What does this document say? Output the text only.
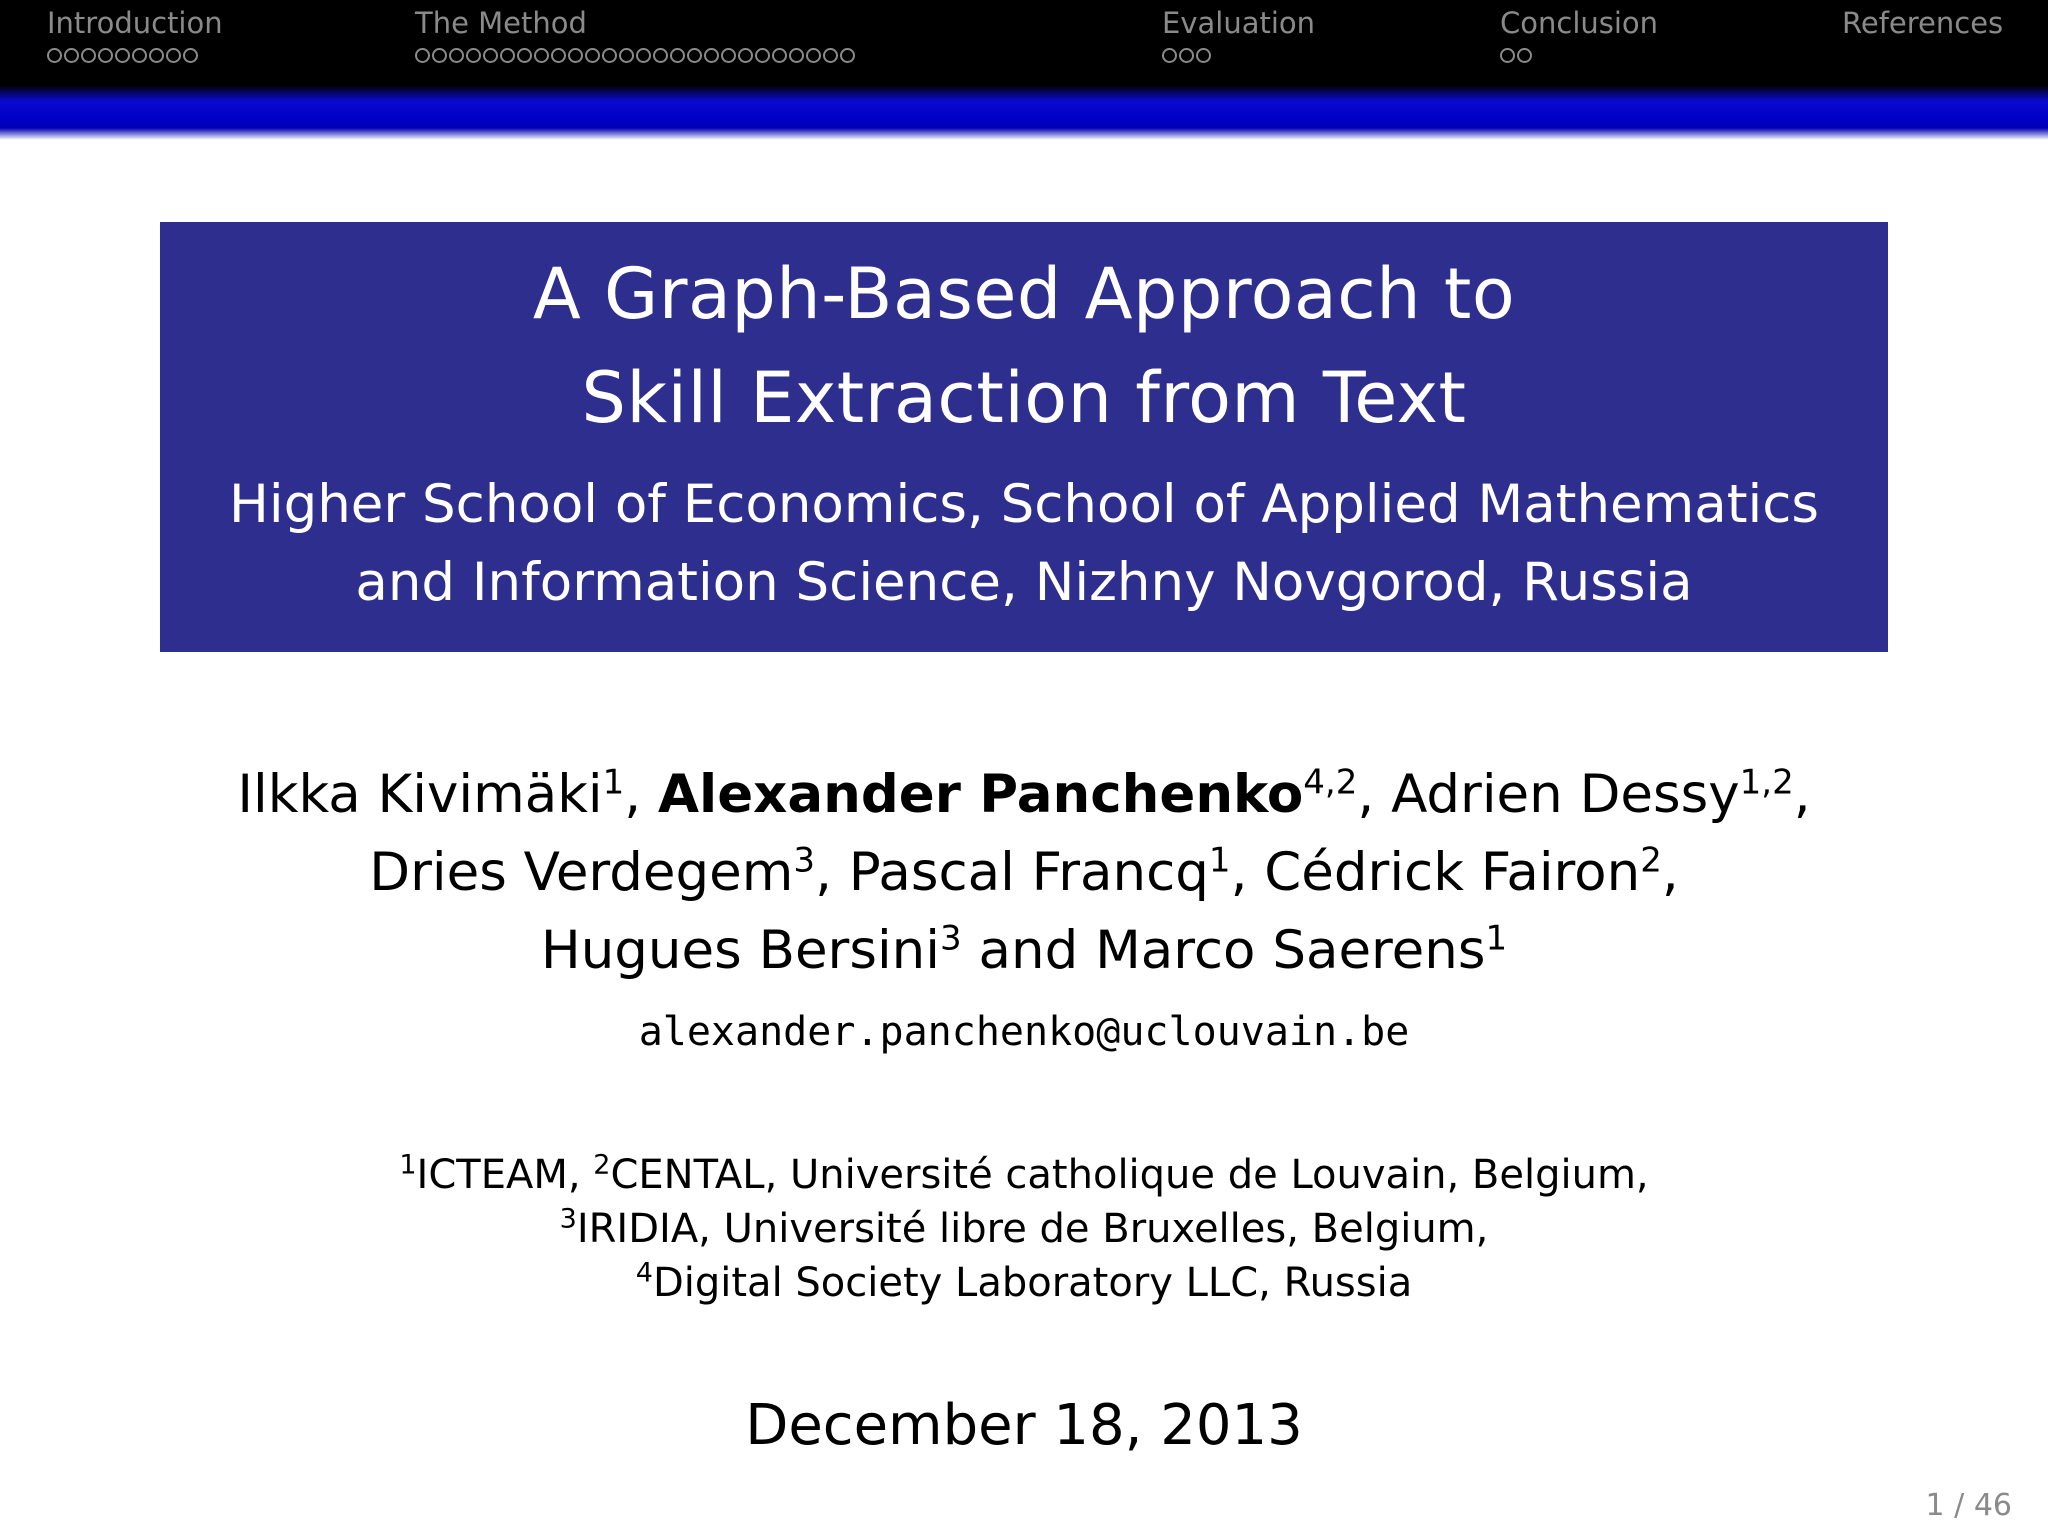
Introduction	The Method	Evaluation	Conclusion	References
A Graph-Based Approach to
Skill Extraction from Text
Higher School of Economics, School of Applied Mathematics
and Information Science, Nizhny Novgorod, Russia
Ilkka Kivimäki$^1$, Alexander Panchenko$^{4,2}$, Adrien Dessy$^{1,2}$,
Dries Verdegem$^3$, Pascal Francq$^1$, Cédrick Fairon$^2$,
Hugues Bersini$^3$ and Marco Saerens$^1$
alexander.panchenko@uclouvain.be
$^1$ICTEAM, $^2$CENTAL, Université catholique de Louvain, Belgium,
$^3$IRIDIA, Université libre de Bruxelles, Belgium,
$^4$Digital Society Laboratory LLC, Russia
December 18, 2013
1 / 46
